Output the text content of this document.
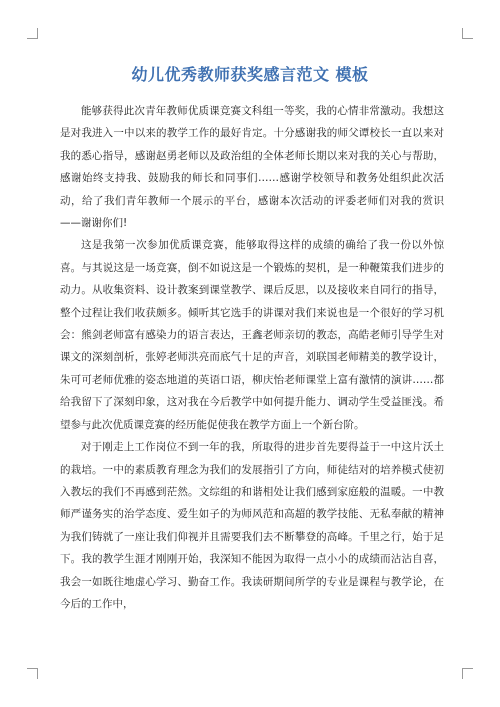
幼儿优秀教师获奖感言范文 模板

能够获得此次青年教师优质课竞赛文科组一等奖，我的心情非常激动。我想这是对我进入一中以来的教学工作的最好肯定。十分感谢我的师父谭校长一直以来对我的悉心指导，感谢赵勇老师以及政治组的全体老师长期以来对我的关心与帮助，感谢始终支持我、鼓励我的师长和同事们……感谢学校领导和教务处组织此次活动，给了我们青年教师一个展示的平台，感谢本次活动的评委老师们对我的赏识——谢谢你们!

这是我第一次参加优质课竞赛，能够取得这样的成绩的确给了我一份以外惊喜。与其说这是一场竞赛，倒不如说这是一个锻炼的契机，是一种鞭策我们进步的动力。从收集资料、设计教案到课堂教学、课后反思，以及接收来自同行的指导，整个过程让我们收获颇多。倾听其它选手的讲课对我们来说也是一个很好的学习机会：熊剑老师富有感染力的语言表达，王鑫老师亲切的教态，高皓老师引导学生对课文的深刻剖析，张婷老师洪亮而底气十足的声音，刘联国老师精美的教学设计，朱可可老师优雅的姿态地道的英语口语，柳庆怡老师课堂上富有激情的演讲……都给我留下了深刻印象，这对我在今后教学中如何提升能力、调动学生受益匪浅。希望参与此次优质课竞赛的经历能促使我在教学方面上一个新台阶。

对于刚走上工作岗位不到一年的我，所取得的进步首先要得益于一中这片沃土的栽培。一中的素质教育理念为我们的发展指引了方向，师徒结对的培养模式使初入教坛的我们不再感到茫然。文综组的和谐相处让我们感到家庭般的温暖。一中教师严谨务实的治学态度、爱生如子的为师风范和高超的教学技能、无私奉献的精神为我们铸就了一座让我们仰视并且需要我们去不断攀登的高峰。千里之行，始于足下。我的教学生涯才刚刚开始，我深知不能因为取得一点小小的成绩而沾沾自喜，我会一如既往地虚心学习、勤奋工作。我读研期间所学的专业是课程与教学论，在今后的工作中，
